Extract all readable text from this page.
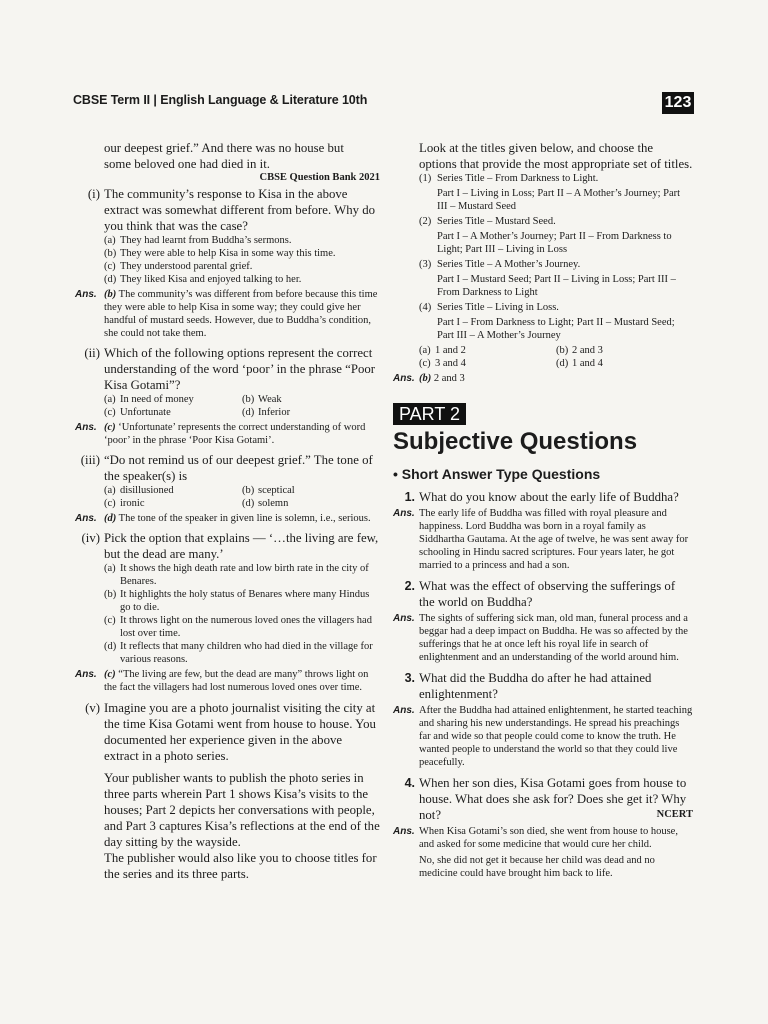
CBSE Term II | English Language & Literature 10th	123
our deepest grief.” And there was no house but
some beloved one had died in it.
CBSE Question Bank 2021
(i) The community’s response to Kisa in the above extract was somewhat different from before. Why do you think that was the case?
(a) They had learnt from Buddha’s sermons.
(b) They were able to help Kisa in some way this time.
(c) They understood parental grief.
(d) They liked Kisa and enjoyed talking to her.
Ans. (b) The community’s was different from before because this time they were able to help Kisa in some way; they could give her handful of mustard seeds. However, due to Buddha’s condition, she could not take them.
(ii) Which of the following options represent the correct understanding of the word ‘poor’ in the phrase “Poor Kisa Gotami”?
(a) In need of money	(b) Weak
(c) Unfortunate	(d) Inferior
Ans. (c) ‘Unfortunate’ represents the correct understanding of word ‘poor’ in the phrase ‘Poor Kisa Gotami’.
(iii) “Do not remind us of our deepest grief.” The tone of the speaker(s) is
(a) disillusioned	(b) sceptical
(c) ironic	(d) solemn
Ans. (d) The tone of the speaker in given line is solemn, i.e., serious.
(iv) Pick the option that explains — ‘…the living are few, but the dead are many.’
(a) It shows the high death rate and low birth rate in the city of Benares.
(b) It highlights the holy status of Benares where many Hindus go to die.
(c) It throws light on the numerous loved ones the villagers had lost over time.
(d) It reflects that many children who had died in the village for various reasons.
Ans. (c) “The living are few, but the dead are many” throws light on the fact the villagers had lost numerous loved ones over time.
(v) Imagine you are a photo journalist visiting the city at the time Kisa Gotami went from house to house. You documented her experience given in the above extract in a photo series.
Your publisher wants to publish the photo series in three parts wherein Part 1 shows Kisa’s visits to the houses; Part 2 depicts her conversations with people, and Part 3 captures Kisa’s reflections at the end of the day sitting by the wayside.
The publisher would also like you to choose titles for the series and its three parts.
Look at the titles given below, and choose the options that provide the most appropriate set of titles.
(1) Series Title – From Darkness to Light.
Part I – Living in Loss; Part II – A Mother’s Journey; Part III – Mustard Seed
(2) Series Title – Mustard Seed.
Part I – A Mother’s Journey; Part II – From Darkness to Light; Part III – Living in Loss
(3) Series Title – A Mother’s Journey.
Part I – Mustard Seed; Part II – Living in Loss; Part III – From Darkness to Light
(4) Series Title – Living in Loss.
Part I – From Darkness to Light; Part II – Mustard Seed; Part III – A Mother’s Journey
(a) 1 and 2	(b) 2 and 3
(c) 3 and 4	(d) 1 and 4
Ans. (b) 2 and 3
PART 2
Subjective Questions
• Short Answer Type Questions
1. What do you know about the early life of Buddha?
Ans. The early life of Buddha was filled with royal pleasure and happiness. Lord Buddha was born in a royal family as Siddhartha Gautama. At the age of twelve, he was sent away for schooling in Hindu sacred scriptures. Four years later, he got married to a princess and had a son.
2. What was the effect of observing the sufferings of the world on Buddha?
Ans. The sights of suffering sick man, old man, funeral process and a beggar had a deep impact on Buddha. He was so affected by the sufferings that he at once left his royal life in search of enlightenment and an understanding of the world around him.
3. What did the Buddha do after he had attained enlightenment?
Ans. After the Buddha had attained enlightenment, he started teaching and sharing his new understandings. He spread his preachings far and wide so that people could come to know the truth. He wanted people to understand the world so that they could live peacefully.
4. When her son dies, Kisa Gotami goes from house to house. What does she ask for? Does she get it? Why not?	NCERT
Ans. When Kisa Gotami’s son died, she went from house to house, and asked for some medicine that would cure her child.
No, she did not get it because her child was dead and no medicine could have brought him back to life.
